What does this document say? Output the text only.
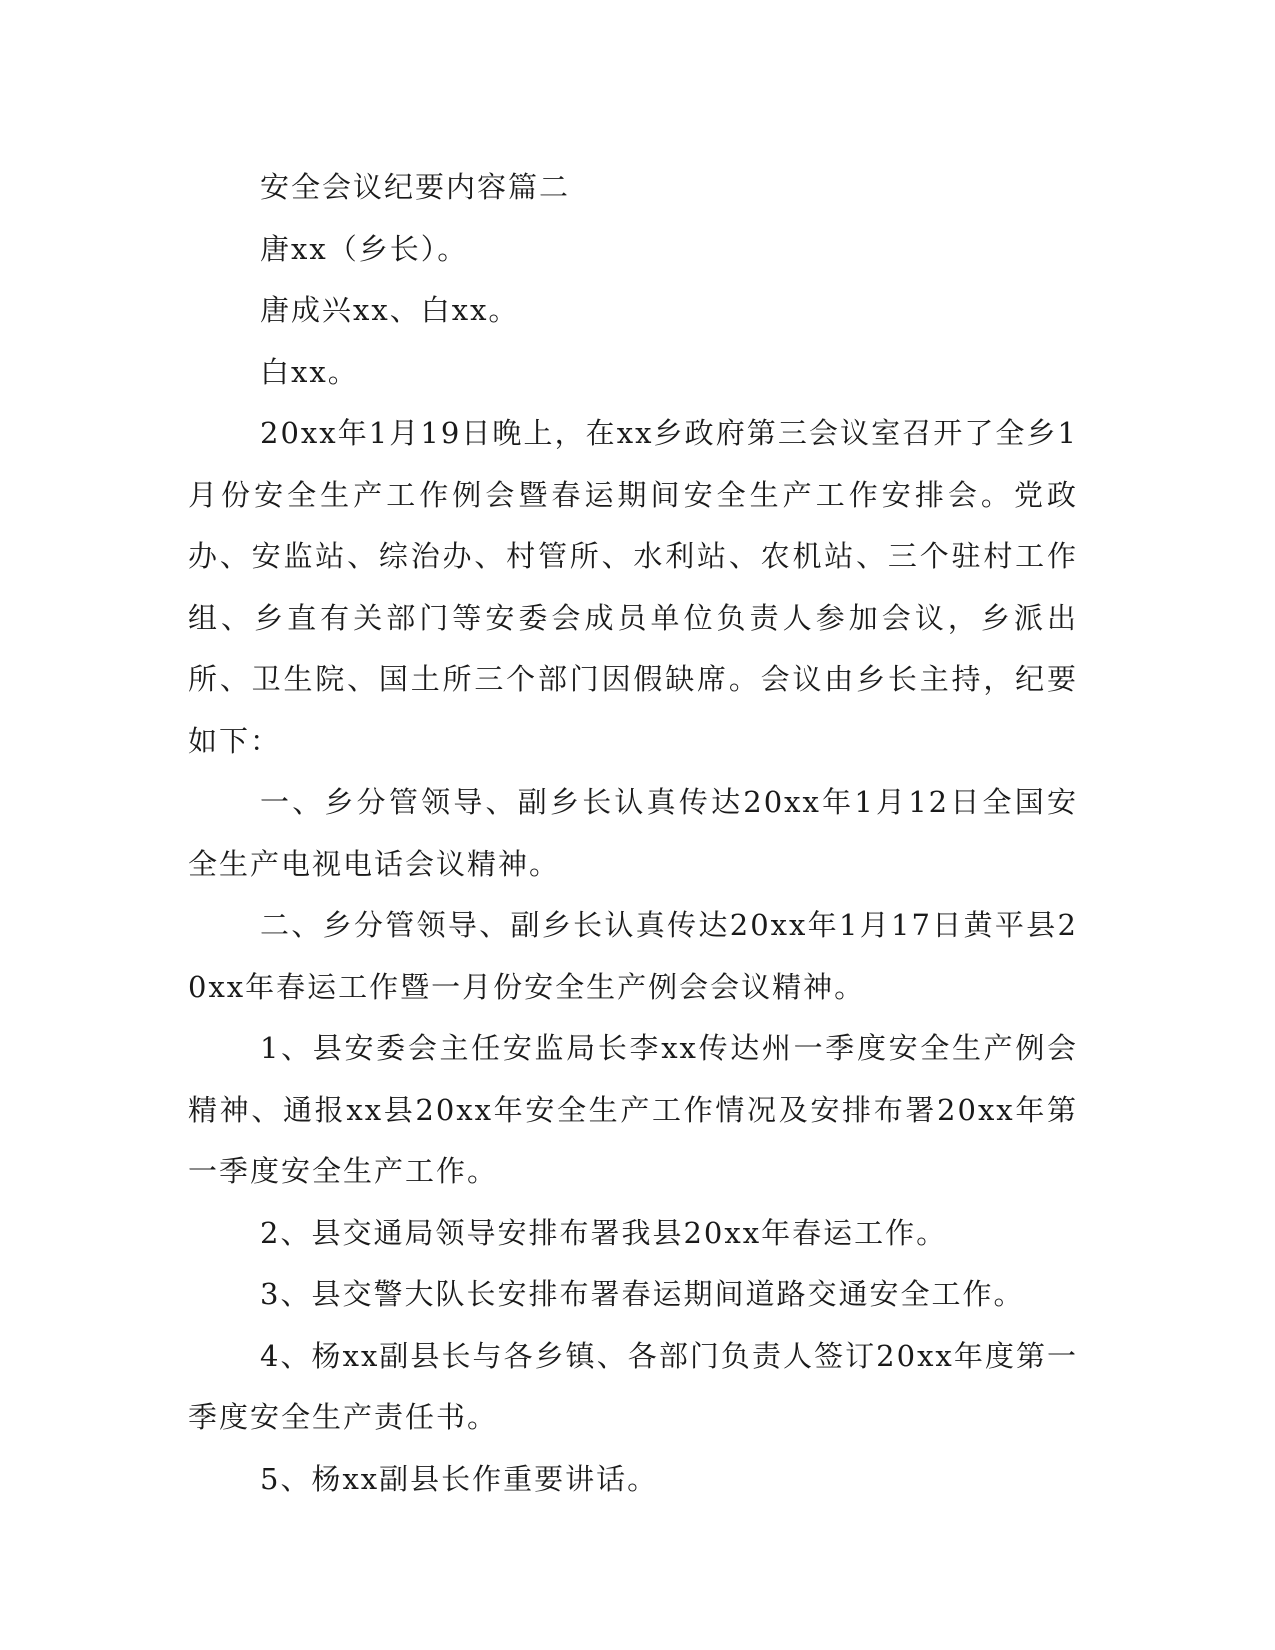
安全会议纪要内容篇二

唐xx（乡长）。

唐成兴xx、白xx。

白xx。

20xx年1月19日晚上，在xx乡政府第三会议室召开了全乡1月份安全生产工作例会暨春运期间安全生产工作安排会。党政办、安监站、综治办、村管所、水利站、农机站、三个驻村工作组、乡直有关部门等安委会成员单位负责人参加会议，乡派出所、卫生院、国土所三个部门因假缺席。会议由乡长主持，纪要如下：

一、乡分管领导、副乡长认真传达20xx年1月12日全国安全生产电视电话会议精神。

二、乡分管领导、副乡长认真传达20xx年1月17日黄平县20xx年春运工作暨一月份安全生产例会会议精神。

1、县安委会主任安监局长李xx传达州一季度安全生产例会精神、通报xx县20xx年安全生产工作情况及安排布署20xx年第一季度安全生产工作。

2、县交通局领导安排布署我县20xx年春运工作。

3、县交警大队长安排布署春运期间道路交通安全工作。

4、杨xx副县长与各乡镇、各部门负责人签订20xx年度第一季度安全生产责任书。

5、杨xx副县长作重要讲话。
